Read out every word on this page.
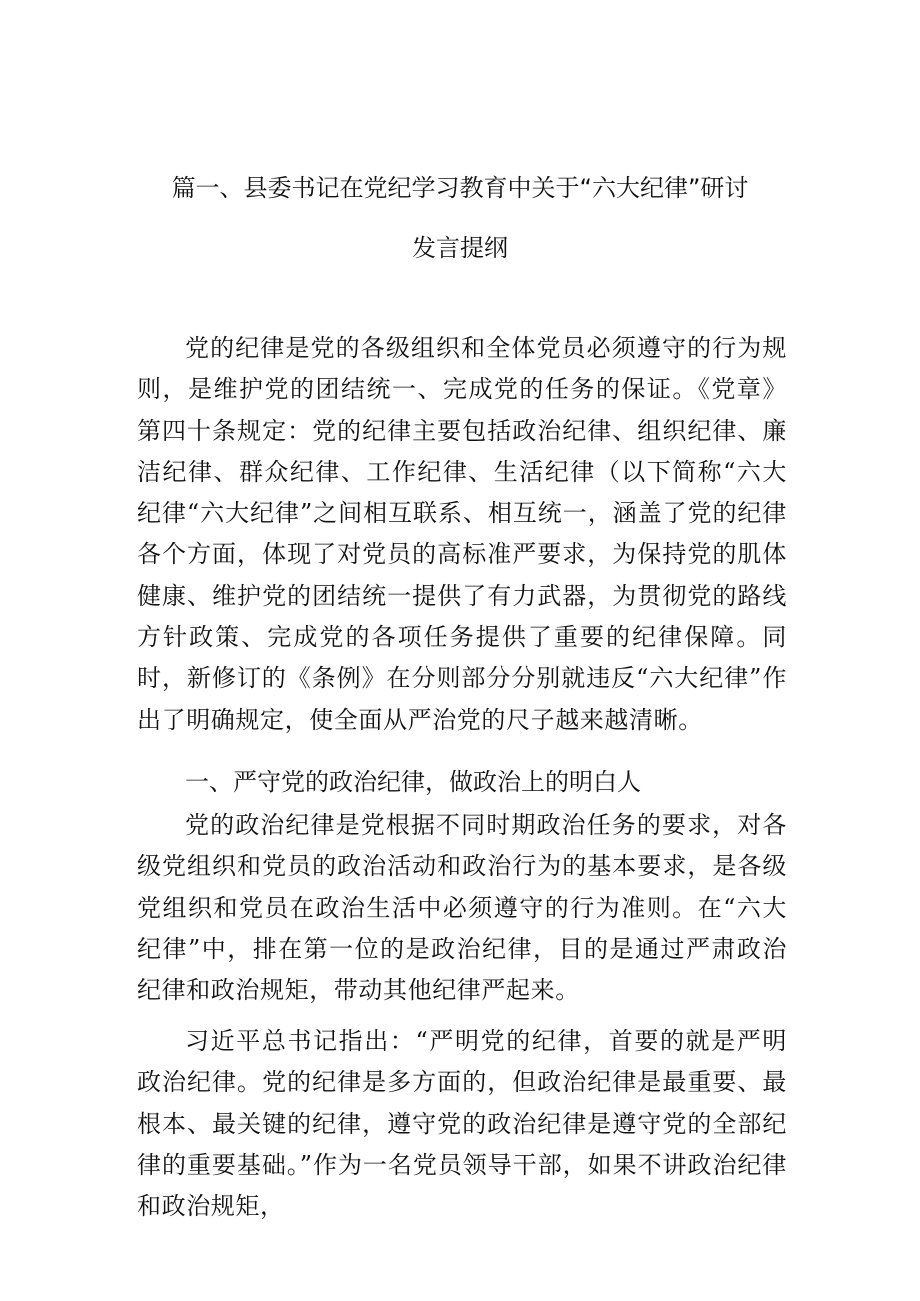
篇一、县委书记在党纪学习教育中关于“六大纪律”研讨
发言提纲

党的纪律是党的各级组织和全体党员必须遵守的行为规则，是维护党的团结统一、完成党的任务的保证。《党章》第四十条规定：党的纪律主要包括政治纪律、组织纪律、廉洁纪律、群众纪律、工作纪律、生活纪律（以下简称“六大纪律“六大纪律”之间相互联系、相互统一，涵盖了党的纪律各个方面，体现了对党员的高标准严要求，为保持党的肌体健康、维护党的团结统一提供了有力武器，为贯彻党的路线方针政策、完成党的各项任务提供了重要的纪律保障。同时，新修订的《条例》在分则部分分别就违反“六大纪律”作出了明确规定，使全面从严治党的尺子越来越清晰。

一、严守党的政治纪律，做政治上的明白人

党的政治纪律是党根据不同时期政治任务的要求，对各级党组织和党员的政治活动和政治行为的基本要求，是各级党组织和党员在政治生活中必须遵守的行为准则。在“六大纪律”中，排在第一位的是政治纪律，目的是通过严肃政治纪律和政治规矩，带动其他纪律严起来。

习近平总书记指出：“严明党的纪律，首要的就是严明政治纪律。党的纪律是多方面的，但政治纪律是最重要、最根本、最关键的纪律，遵守党的政治纪律是遵守党的全部纪律的重要基础。”作为一名党员领导干部，如果不讲政治纪律和政治规矩，
